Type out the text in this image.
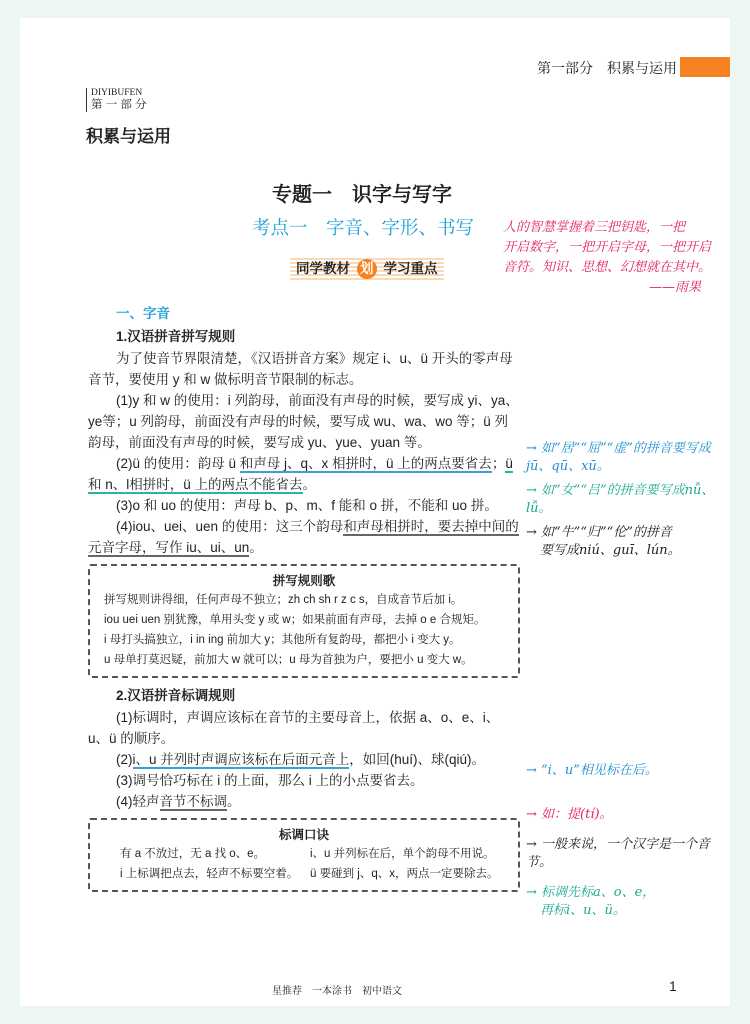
第一部分　积累与运用
DIYIBUFEN
第 一 部 分
积累与运用
专题一　识字与写字
考点一　字音、字形、书写
同学教材 划 学习重点
人的智慧掌握着三把钥匙，一把
开启数字，一把开启字母，一把开启
音符。知识、思想、幻想就在其中。
——雨果
一、字音
1.汉语拼音拼写规则

为了使音节界限清楚，《汉语拼音方案》规定 i、u、ü 开头的零声母音节，要使用 y 和 w 做标明音节限制的标志。

(1)y 和 w 的使用：i 列韵母，前面没有声母的时候，要写成 yi、ya、ye等；u 列韵母，前面没有声母的时候，要写成 wu、wa、wo 等；ü 列韵母，前面没有声母的时候，要写成 yu、yue、yuan 等。

(2)ü 的使用：韵母 ü 和声母 j、q、x 相拼时，ü 上的两点要省去；ü 和 n、l相拼时，ü 上的两点不能省去。

(3)o 和 uo 的使用：声母 b、p、m、f 能和 o 拼，不能和 uo 拼。

(4)iou、uei、uen 的使用：这三个韵母和声母相拼时，要去掉中间的元音字母，写作 iu、ui、un。

拼写规则歌
拼写规则讲得细，任何声母不独立；zh ch sh r z c s，自成音节后加 i。
iou uei uen 别犹豫，单用头变 y 或 w；如果前面有声母，去掉 o e 合规矩。
i 母打头搞独立，i in ing 前加大 y；其他所有复韵母，都把小 i 变大 y。
u 母单打莫迟疑，前加大 w 就可以；u 母为首独为户，要把小 u 变大 w。
2.汉语拼音标调规则

(1)标调时，声调应该标在音节的主要母音上，依据 a、o、e、i、u、ü 的顺序。

(2)i、u 并列时声调应该标在后面元音上，如回(huí)、球(qiú)。

(3)调号恰巧标在 i 的上面，那么 i 上的小点要省去。

(4)轻声音节不标调。

标调口诀
有 a 不放过，无 a 找 o、e。	i、u 并列标在后，单个韵母不用说。
i 上标调把点去，轻声不标要空着。	ü 要碰到 j、q、x，两点一定要除去。
→ 如“居”“屈”“虚”的拼音要写成jū、qū、xū。
→ 如“女”“吕”的拼音要写成nǚ、lǚ。
→ 如“牛”“归”“伦”的拼音
要写成niú、guī、lún。
→ “i、u”相见标在后。
→ 如：提(tí)。
→ 一般来说，一个汉字是一个音节。
→ 标调先标a、o、e，
再标i、u、ü。
星推荐　一本涂书　初中语文	1
